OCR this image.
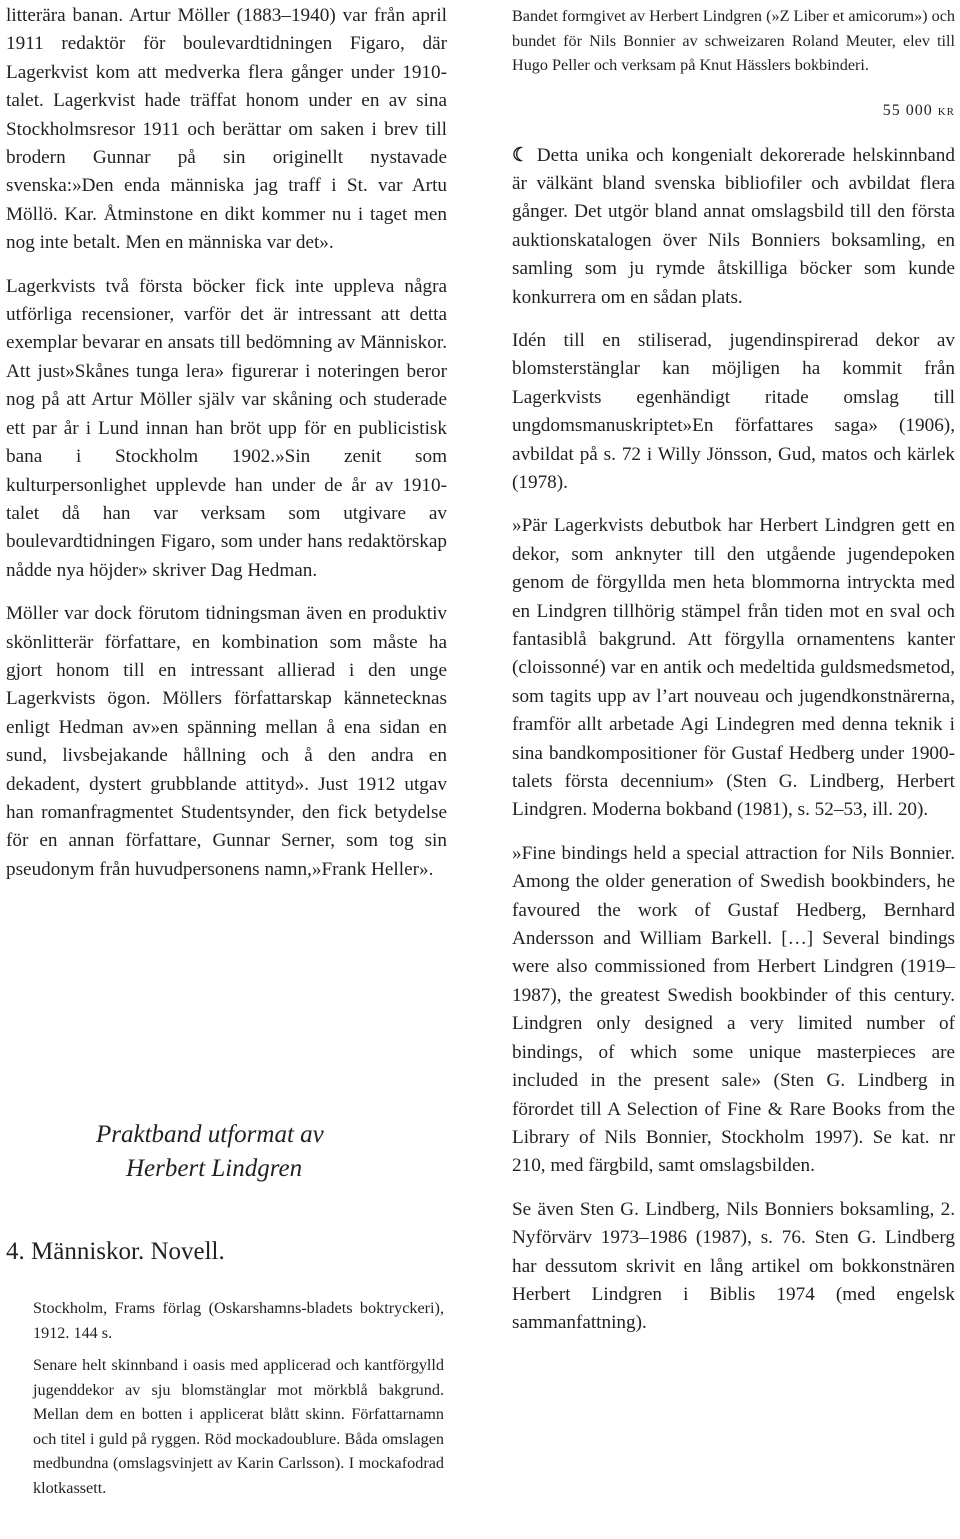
litterära banan. Artur Möller (1883–1940) var från april 1911 redaktör för boulevardtidningen Figaro, där Lagerkvist kom att medverka flera gånger under 1910-talet. Lagerkvist hade träffat honom under en av sina Stockholmsresor 1911 och berättar om saken i brev till brodern Gunnar på sin originellt nystavade svenska:»Den enda människa jag traff i St. var Artu Möllö. Kar. Åtminstone en dikt kommer nu i taget men nog inte betalt. Men en människa var det».

Lagerkvists två första böcker fick inte uppleva några utförliga recensioner, varför det är intressant att detta exemplar bevarar en ansats till bedömning av Människor. Att just»Skånes tunga lera» figurerar i noteringen beror nog på att Artur Möller själv var skåning och studerade ett par år i Lund innan han bröt upp för en publicistisk bana i Stockholm 1902.»Sin zenit som kulturpersonlighet upplevde han under de år av 1910-talet då han var verksam som utgivare av boulevardtidningen Figaro, som under hans redaktörskap nådde nya höjder» skriver Dag Hedman.

Möller var dock förutom tidningsman även en produktiv skönlitterär författare, en kombination som måste ha gjort honom till en intressant allierad i den unge Lagerkvists ögon. Möllers författarskap kännetecknas enligt Hedman av»en spänning mellan å ena sidan en sund, livsbejakande hållning och å den andra en dekadent, dystert grubblande attityd». Just 1912 utgav han romanfragmentet Studentsynder, den fick betydelse för en annan författare, Gunnar Serner, som tog sin pseudonym från huvudpersonens namn,»Frank Heller».

Praktband utformat av
Herbert Lindgren
4. Människor. Novell.

Stockholm, Frams förlag (Oskarshamns-bladets boktryckeri), 1912. 144 s.

Senare helt skinnband i oasis med applicerad och kantförgylld jugenddekor av sju blomstänglar mot mörkblå bakgrund. Mellan dem en botten i applicerat blått skinn. Författarnamn och titel i guld på ryggen. Röd mockadoublure. Båda omslagen medbundna (omslagsvinjett av Karin Carlsson). I mockafodrad klotkassett.

Bandet formgivet av Herbert Lindgren (»Z Liber et amicorum») och bundet för Nils Bonnier av schweizaren Roland Meuter, elev till Hugo Peller och verksam på Knut Hässlers bokbinderi.

55 000 kr

☾ Detta unika och kongenialt dekorerade helskinnband är välkänt bland svenska bibliofiler och avbildat flera gånger. Det utgör bland annat omslagsbild till den första auktionskatalogen över Nils Bonniers boksamling, en samling som ju rymde åtskilliga böcker som kunde konkurrera om en sådan plats.

Idén till en stiliserad, jugendinspirerad dekor av blomsterstänglar kan möjligen ha kommit från Lagerkvists egenhändigt ritade omslag till ungdomsmanuskriptet»En författares saga» (1906), avbildat på s. 72 i Willy Jönsson, Gud, matos och kärlek (1978).

»Pär Lagerkvists debutbok har Herbert Lindgren gett en dekor, som anknyter till den utgående jugendepoken genom de förgyllda men heta blommorna intryckta med en Lindgren tillhörig stämpel från tiden mot en sval och fantasiblå bakgrund. Att förgylla ornamentens kanter (cloissonné) var en antik och medeltida guldsmedsmetod, som tagits upp av l’art nouveau och jugendkonstnärerna, framför allt arbetade Agi Lindegren med denna teknik i sina bandkompositioner för Gustaf Hedberg under 1900-talets första decennium» (Sten G. Lindberg, Herbert Lindgren. Moderna bokband (1981), s. 52–53, ill. 20).

»Fine bindings held a special attraction for Nils Bonnier. Among the older generation of Swedish bookbinders, he favoured the work of Gustaf Hedberg, Bernhard Andersson and William Barkell. […] Several bindings were also commissioned from Herbert Lindgren (1919–1987), the greatest Swedish bookbinder of this century. Lindgren only designed a very limited number of bindings, of which some unique masterpieces are included in the present sale» (Sten G. Lindberg in förordet till A Selection of Fine & Rare Books from the Library of Nils Bonnier, Stockholm 1997). Se kat. nr 210, med färgbild, samt omslagsbilden.

Se även Sten G. Lindberg, Nils Bonniers boksamling, 2. Nyförvärv 1973–1986 (1987), s. 76. Sten G. Lindberg har dessutom skrivit en lång artikel om bokkonstnären Herbert Lindgren i Biblis 1974 (med engelsk sammanfattning).
